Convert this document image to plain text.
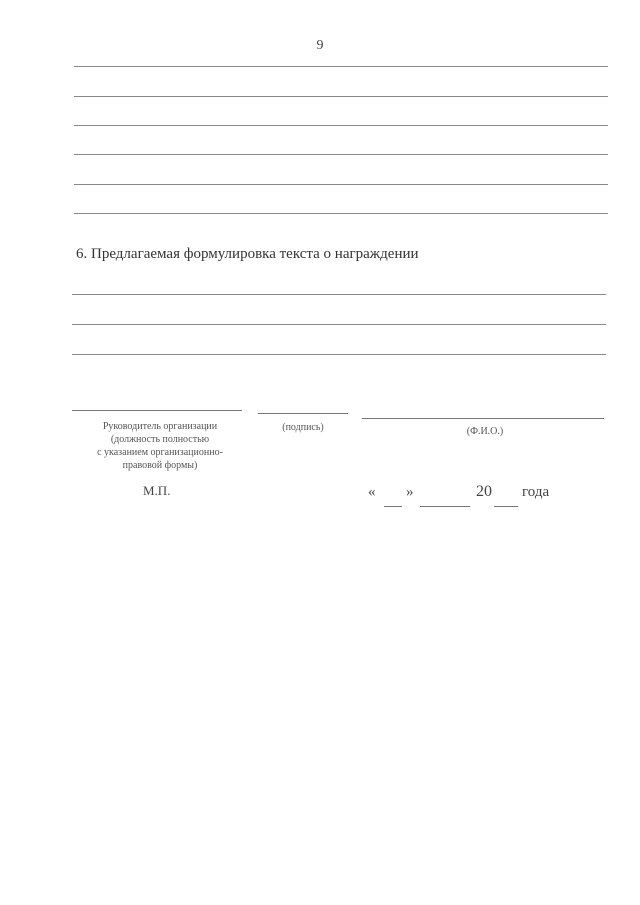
9
6. Предлагаемая формулировка текста о награждении
Руководитель организации
(должность полностью
с указанием организационно-
правовой формы)
(подпись)	(Ф.И.О.)
М.П.	« »	20 года
